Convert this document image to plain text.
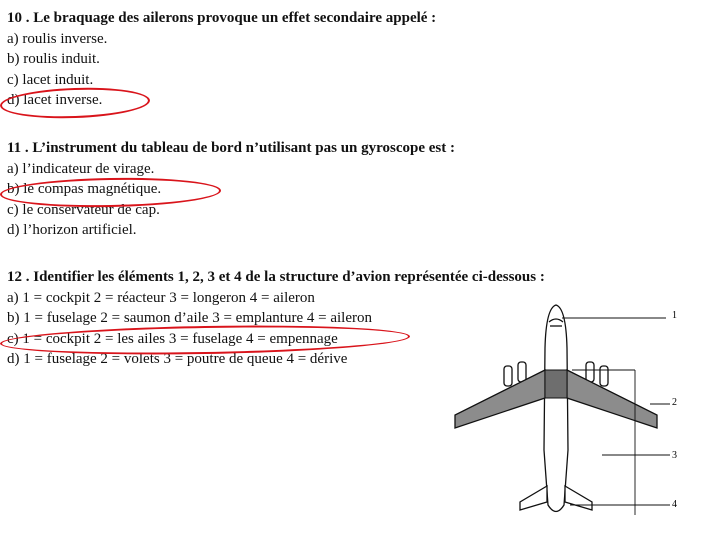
10 . Le braquage des ailerons provoque un effet secondaire appelé :
a) roulis inverse.
b) roulis induit.
c) lacet induit.
d) lacet inverse.
11 . L’instrument du tableau de bord n’utilisant pas un gyroscope est :
a) l’indicateur de virage.
b) le compas magnétique.
c) le conservateur de cap.
d) l’horizon artificiel.
12 . Identifier les éléments 1, 2, 3 et 4 de la structure d’avion représentée ci-dessous :
a) 1 = cockpit 2 = réacteur 3 = longeron 4 = aileron
b) 1 = fuselage 2 = saumon d’aile 3 = emplanture 4 = aileron
c) 1 = cockpit 2 = les ailes 3 = fuselage 4 = empennage
d) 1 = fuselage 2 = volets 3 = poutre de queue 4 = dérive
1
2
3
4
